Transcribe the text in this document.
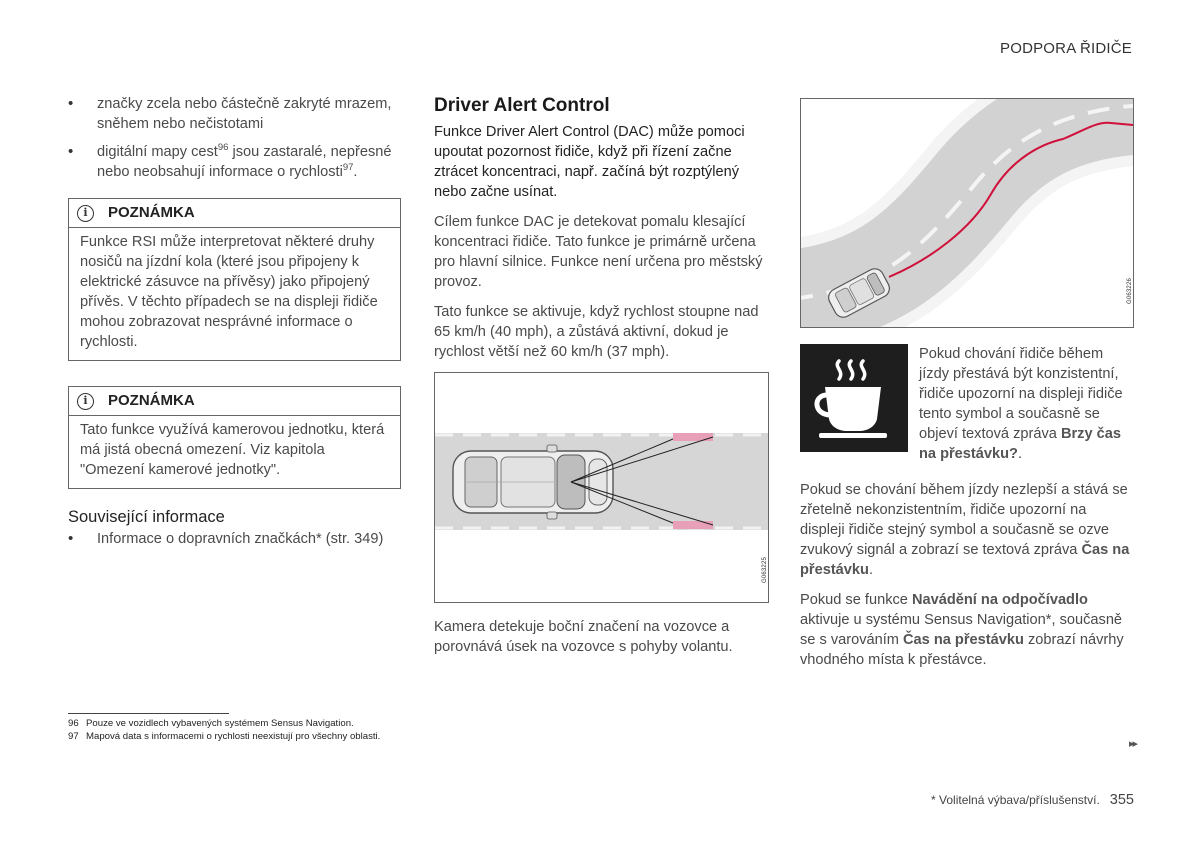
PODPORA ŘIDIČE
• značky zcela nebo částečně zakryté mrazem, sněhem nebo nečistotami
• digitální mapy cest$^{96}$ jsou zastaralé, nepřesné nebo neobsahují informace o rychlosti$^{97}$.
i	POZNÁMKA
Funkce RSI může interpretovat některé druhy nosičů na jízdní kola (které jsou připojeny k elektrické zásuvce na přívěsy) jako připojený přívěs. V těchto případech se na displeji řidiče mohou zobrazovat nesprávné informace o rychlosti.
i	POZNÁMKA
Tato funkce využívá kamerovou jednotku, která má jistá obecná omezení. Viz kapitola "Omezení kamerové jednotky".
Související informace
• Informace o dopravních značkách* (str. 349)
Driver Alert Control

Funkce Driver Alert Control (DAC) může pomoci upoutat pozornost řidiče, když při řízení začne ztrácet koncentraci, např. začíná být rozptýlený nebo začne usínat.

Cílem funkce DAC je detekovat pomalu klesající koncentraci řidiče. Tato funkce je primárně určena pro hlavní silnice. Funkce není určena pro městský provoz.

Tato funkce se aktivuje, když rychlost stoupne nad 65 km/h (40 mph), a zůstává aktivní, dokud je rychlost větší než 60 km/h (37 mph).

G063225

Kamera detekuje boční značení na vozovce a porovnává úsek na vozovce s pohyby volantu.

G063226

Pokud chování řidiče během jízdy přestává být konzistentní, řidiče upozorní na displeji řidiče tento symbol a současně se objeví textová zpráva Brzy čas na přestávku?.

Pokud se chování během jízdy nezlepší a stává se zřetelně nekonzistentním, řidiče upozorní na displeji řidiče stejný symbol a současně se ozve zvukový signál a zobrazí se textová zpráva Čas na přestávku.

Pokud se funkce Navádění na odpočívadlo aktivuje u systému Sensus Navigation*, současně se s varováním Čas na přestávku zobrazí návrhy vhodného místa k přestávce.

96 Pouze ve vozidlech vybavených systémem Sensus Navigation.
97 Mapová data s informacemi o rychlosti neexistují pro všechny oblasti.
▸▸
* Volitelná výbava/příslušenství. 355
